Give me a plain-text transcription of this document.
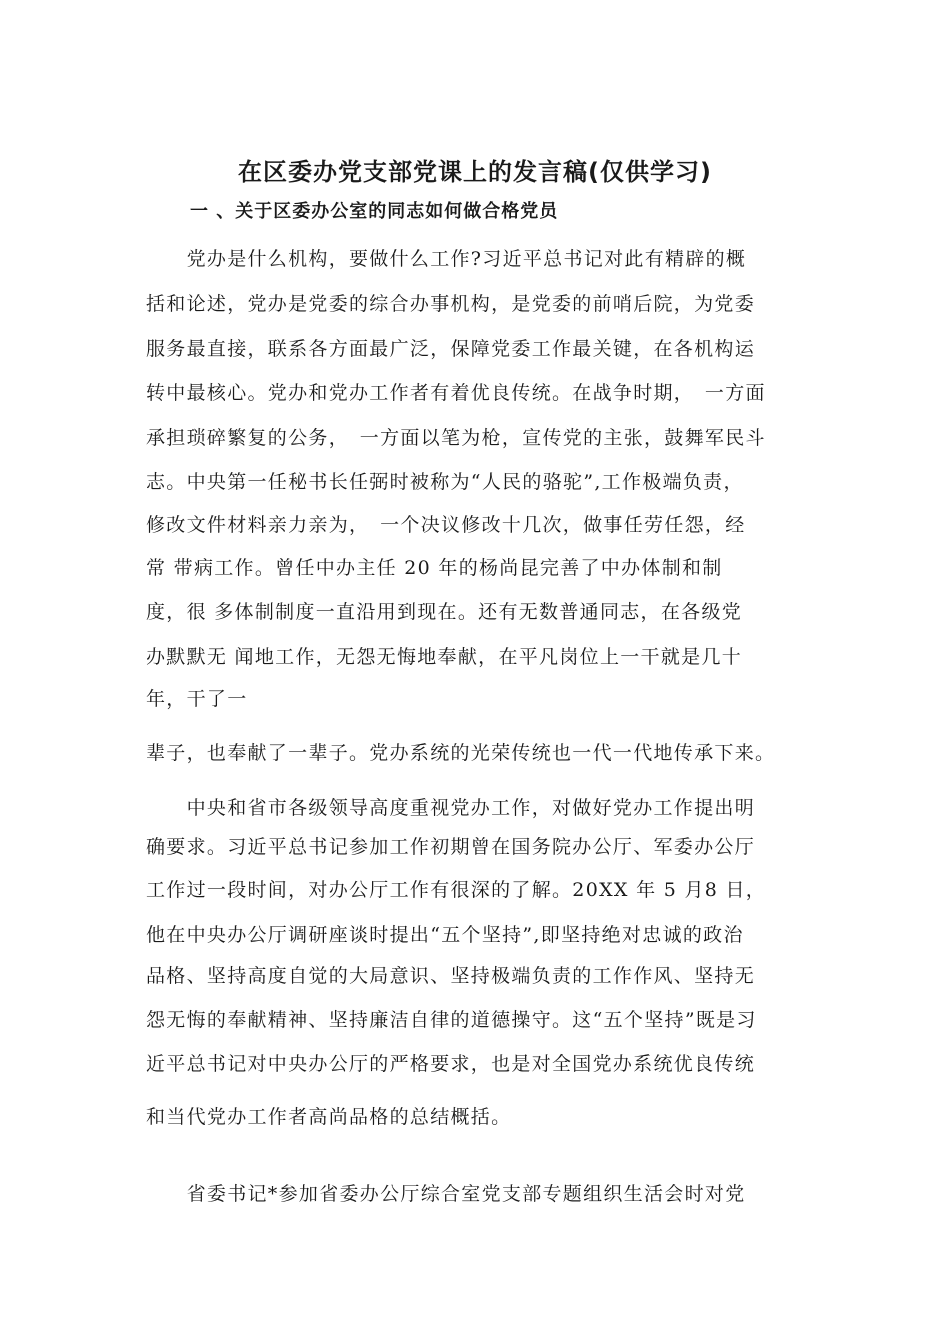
在区委办党支部党课上的发言稿(仅供学习)
一 、关于区委办公室的同志如何做合格党员
　　党办是什么机构，要做什么工作?习近平总书记对此有精辟的概
括和论述，党办是党委的综合办事机构，是党委的前哨后院，为党委
服务最直接，联系各方面最广泛，保障党委工作最关键，在各机构运
转中最核心。党办和党办工作者有着优良传统。在战争时期，　一方面
承担琐碎繁复的公务，　一方面以笔为枪，宣传党的主张，鼓舞军民斗
志。中央第一任秘书长任弼时被称为“人民的骆驼”,工作极端负责，
修改文件材料亲力亲为，　一个决议修改十几次，做事任劳任怨，经
常 带病工作。曾任中办主任 20 年的杨尚昆完善了中办体制和制
度，很 多体制制度一直沿用到现在。还有无数普通同志，在各级党
办默默无 闻地工作，无怨无悔地奉献，在平凡岗位上一干就是几十
年，干了一
辈子，也奉献了一辈子。党办系统的光荣传统也一代一代地传承下来。
　　中央和省市各级领导高度重视党办工作，对做好党办工作提出明
确要求。习近平总书记参加工作初期曾在国务院办公厅、军委办公厅
工作过一段时间，对办公厅工作有很深的了解。20XX 年 5 月8 日，
他在中央办公厅调研座谈时提出“五个坚持”,即坚持绝对忠诚的政治
品格、坚持高度自觉的大局意识、坚持极端负责的工作作风、坚持无
怨无悔的奉献精神、坚持廉洁自律的道德操守。这“五个坚持”既是习
近平总书记对中央办公厅的严格要求，也是对全国党办系统优良传统
和当代党办工作者高尚品格的总结概括。
　　省委书记*参加省委办公厅综合室党支部专题组织生活会时对党
